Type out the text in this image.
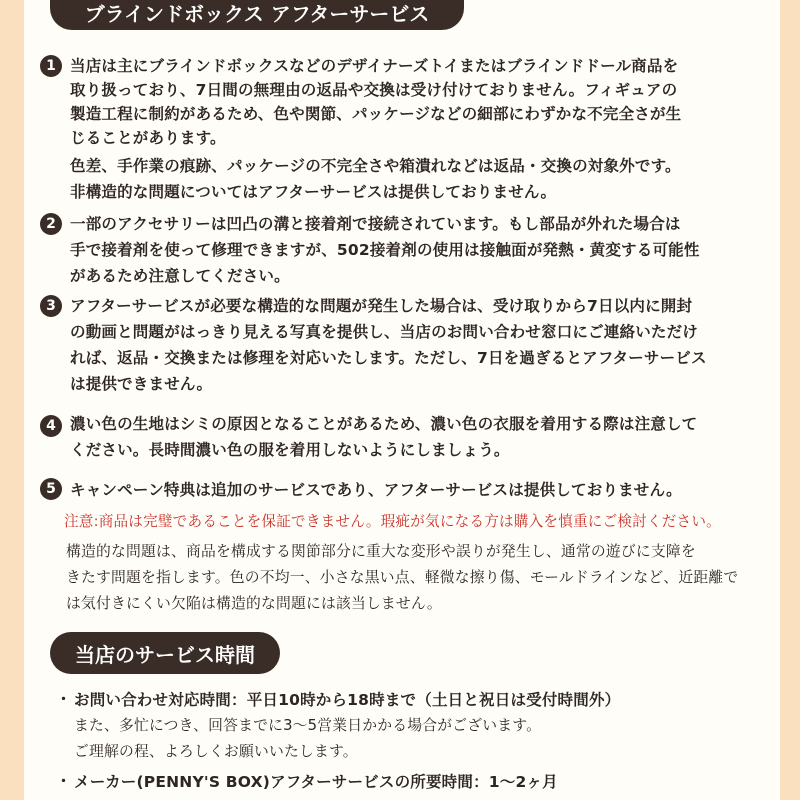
ブラインドボックス アフターサービス
1 当店は主にブラインドボックスなどのデザイナーズトイまたはブラインドドール商品を
取り扱っており、7日間の無理由の返品や交換は受け付けておりません。フィギュアの
製造工程に制約があるため、色や関節、パッケージなどの細部にわずかな不完全さが生
じることがあります。
色差、手作業の痕跡、パッケージの不完全さや箱潰れなどは返品・交換の対象外です。
非構造的な問題についてはアフターサービスは提供しておりません。
2 一部のアクセサリーは凹凸の溝と接着剤で接続されています。もし部品が外れた場合は
手で接着剤を使って修理できますが、502接着剤の使用は接触面が発熱・黄変する可能性
があるため注意してください。
3 アフターサービスが必要な構造的な問題が発生した場合は、受け取りから7日以内に開封
の動画と問題がはっきり見える写真を提供し、当店のお問い合わせ窓口にご連絡いただけ
れば、返品・交換または修理を対応いたします。ただし、7日を過ぎるとアフターサービス
は提供できません。
4 濃い色の生地はシミの原因となることがあるため、濃い色の衣服を着用する際は注意して
ください。長時間濃い色の服を着用しないようにしましょう。
5 キャンペーン特典は追加のサービスであり、アフターサービスは提供しておりません。
注意:商品は完璧であることを保証できません。瑕疵が気になる方は購入を慎重にご検討ください。
構造的な問題は、商品を構成する関節部分に重大な変形や誤りが発生し、通常の遊びに支障を
きたす問題を指します。色の不均一、小さな黒い点、軽微な擦り傷、モールドラインなど、近距離で
は気付きにくい欠陥は構造的な問題には該当しません。
当店のサービス時間
・ お問い合わせ対応時間：平日10時から18時まで（土日と祝日は受付時間外）
また、多忙につき、回答までに3～5営業日かかる場合がございます。
ご理解の程、よろしくお願いいたします。
・ メーカー(PENNY'S BOX)アフターサービスの所要時間：1～2ヶ月
